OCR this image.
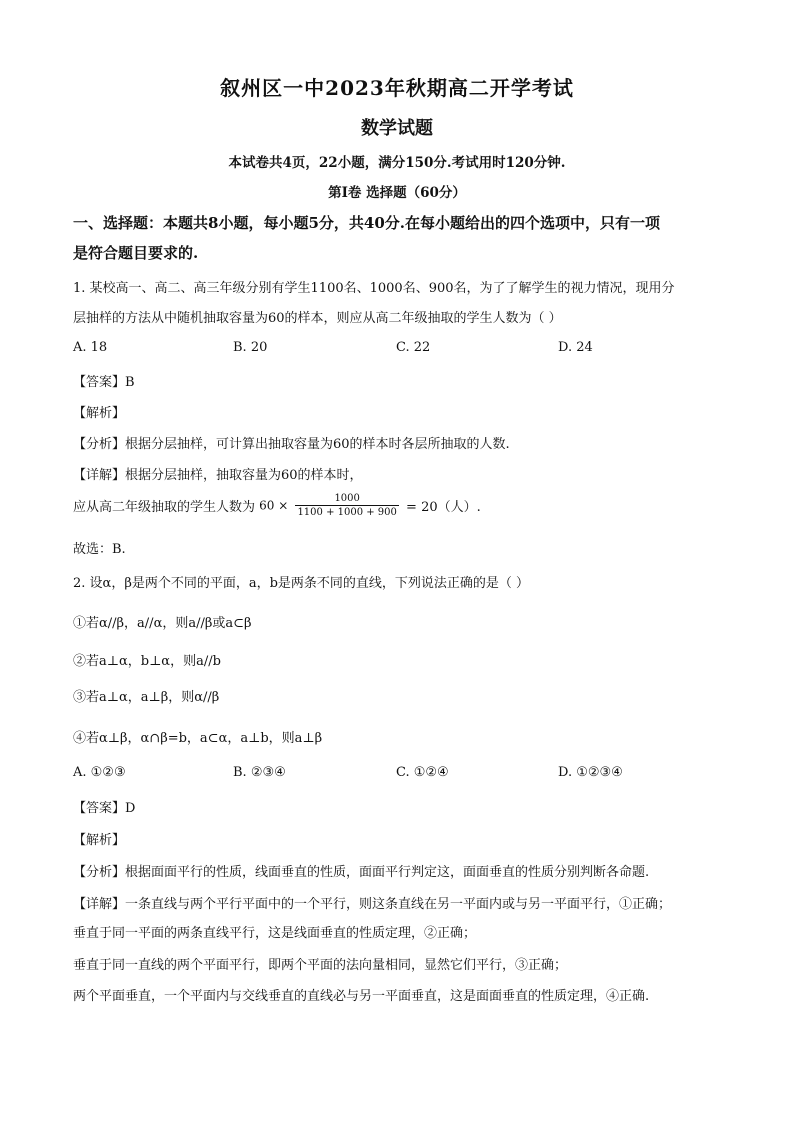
叙州区一中2023年秋期高二开学考试
数学试题
本试卷共4页，22小题，满分150分.考试用时120分钟.
第I卷 选择题（60分）
一、选择题：本题共8小题，每小题5分，共40分.在每小题给出的四个选项中，只有一项
是符合题目要求的.
1. 某校高一、高二、高三年级分别有学生1100名、1000名、900名，为了了解学生的视力情况，现用分
层抽样的方法从中随机抽取容量为60的样本，则应从高二年级抽取的学生人数为（ ）
A. 18	B. 20	C. 22	D. 24
【答案】B
【解析】
【分析】根据分层抽样，可计算出抽取容量为60的样本时各层所抽取的人数.
【详解】根据分层抽样，抽取容量为60的样本时，
应从高二年级抽取的学生人数为 $60 \times \frac{1000}{1100 + 1000 + 900} = 20$（人）.
故选：B.
2. 设α，β是两个不同的平面，a，b是两条不同的直线，下列说法正确的是（ ）
①若α//β，a//α，则a//β或a⊂β
②若a⊥α，b⊥α，则a//b
③若a⊥α，a⊥β，则α//β
④若α⊥β，α∩β=b，a⊂α，a⊥b，则a⊥β
A. ①②③	B. ②③④	C. ①②④	D. ①②③④
【答案】D
【解析】
【分析】根据面面平行的性质，线面垂直的性质，面面平行判定这，面面垂直的性质分别判断各命题.
【详解】一条直线与两个平行平面中的一个平行，则这条直线在另一平面内或与另一平面平行，①正确；
垂直于同一平面的两条直线平行，这是线面垂直的性质定理，②正确；
垂直于同一直线的两个平面平行，即两个平面的法向量相同，显然它们平行，③正确；
两个平面垂直，一个平面内与交线垂直的直线必与另一平面垂直，这是面面垂直的性质定理，④正确.
